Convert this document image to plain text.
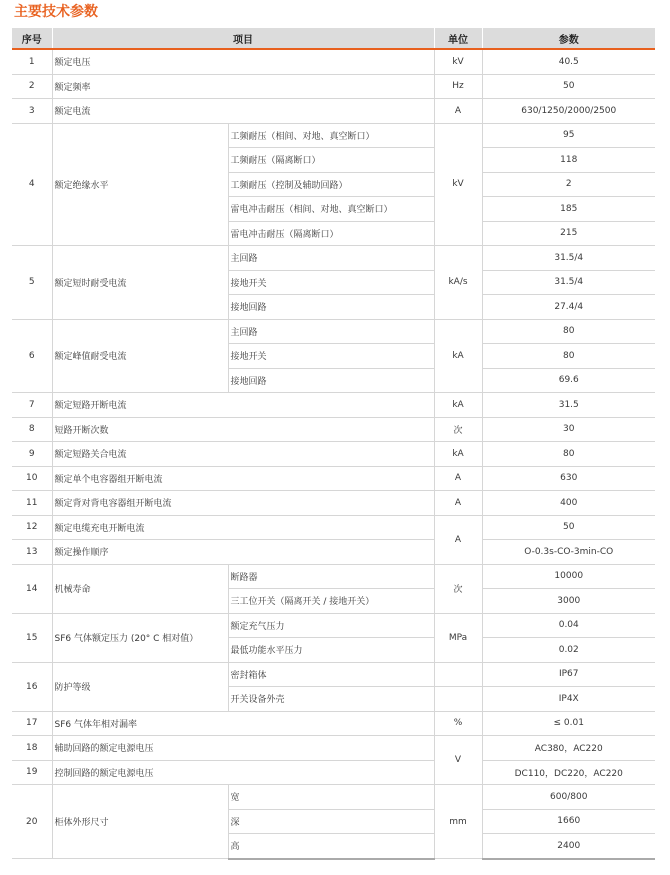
主要技术参数
序号	项目		单位	参数
1	额定电压		kV	40.5
2	额定频率		Hz	50
3	额定电流		A	630/1250/2000/2500
4	额定绝缘水平	工频耐压（相间、对地、真空断口）	kV	95
		工频耐压（隔离断口）		118
		工频耐压（控制及辅助回路）		2
		雷电冲击耐压（相间、对地、真空断口）		185
		雷电冲击耐压（隔离断口）		215
5	额定短时耐受电流	主回路	kA/s	31.5/4
		接地开关		31.5/4
		接地回路		27.4/4
6	额定峰值耐受电流	主回路	kA	80
		接地开关		80
		接地回路		69.6
7	额定短路开断电流		kA	31.5
8	短路开断次数		次	30
9	额定短路关合电流		kA	80
10	额定单个电容器组开断电流		A	630
11	额定背对背电容器组开断电流		A	400
12	额定电缆充电开断电流		A	50
13	额定操作顺序			O-0.3s-CO-3min-CO
14	机械寿命	断路器	次	10000
		三工位开关（隔离开关 / 接地开关）		3000
15	SF6 气体额定压力 (20° C 相对值）	额定充气压力	MPa	0.04
		最低功能水平压力		0.02
16	防护等级	密封箱体		IP67
		开关设备外壳		IP4X
17	SF6 气体年相对漏率		%	≤ 0.01
18	辅助回路的额定电源电压		V	AC380，AC220
19	控制回路的额定电源电压			DC110，DC220，AC220
20	柜体外形尺寸	宽	mm	600/800
		深		1660
		高		2400
